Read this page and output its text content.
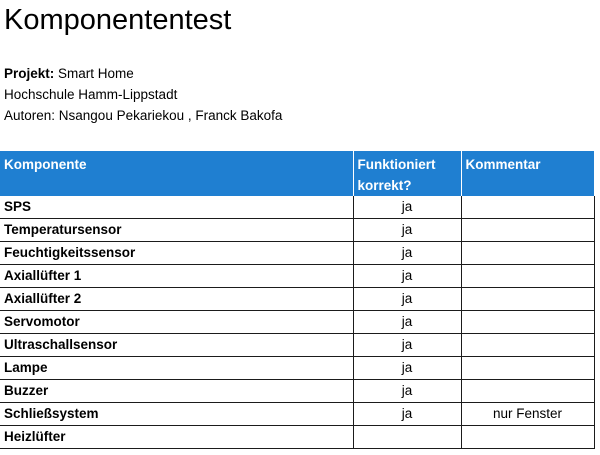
Komponententest
Projekt: Smart Home
Hochschule Hamm-Lippstadt
Autoren: Nsangou Pekariekou , Franck Bakofa
Komponente	Funktioniert korrekt?	Kommentar
SPS	ja	
Temperatursensor	ja	
Feuchtigkeitssensor	ja	
Axiallüfter 1	ja	
Axiallüfter 2	ja	
Servomotor	ja	
Ultraschallsensor	ja	
Lampe	ja	
Buzzer	ja	
Schließsystem	ja	nur Fenster
Heizlüfter		
